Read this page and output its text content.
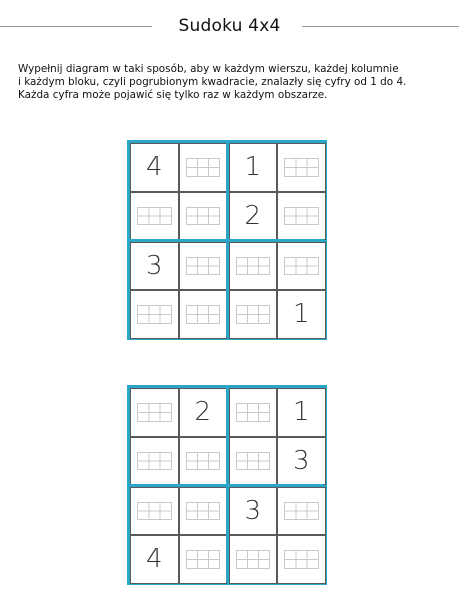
Sudoku 4x4
Wypełnij diagram w taki sposób, aby w każdym wierszu, każdej kolumnie
i każdym bloku, czyli pogrubionym kwadracie, znalazły się cyfry od 1 do 4.
Każda cyfra może pojawić się tylko raz w każdym obszarze.
4	1
2
3
1
2	1
3
3
4
